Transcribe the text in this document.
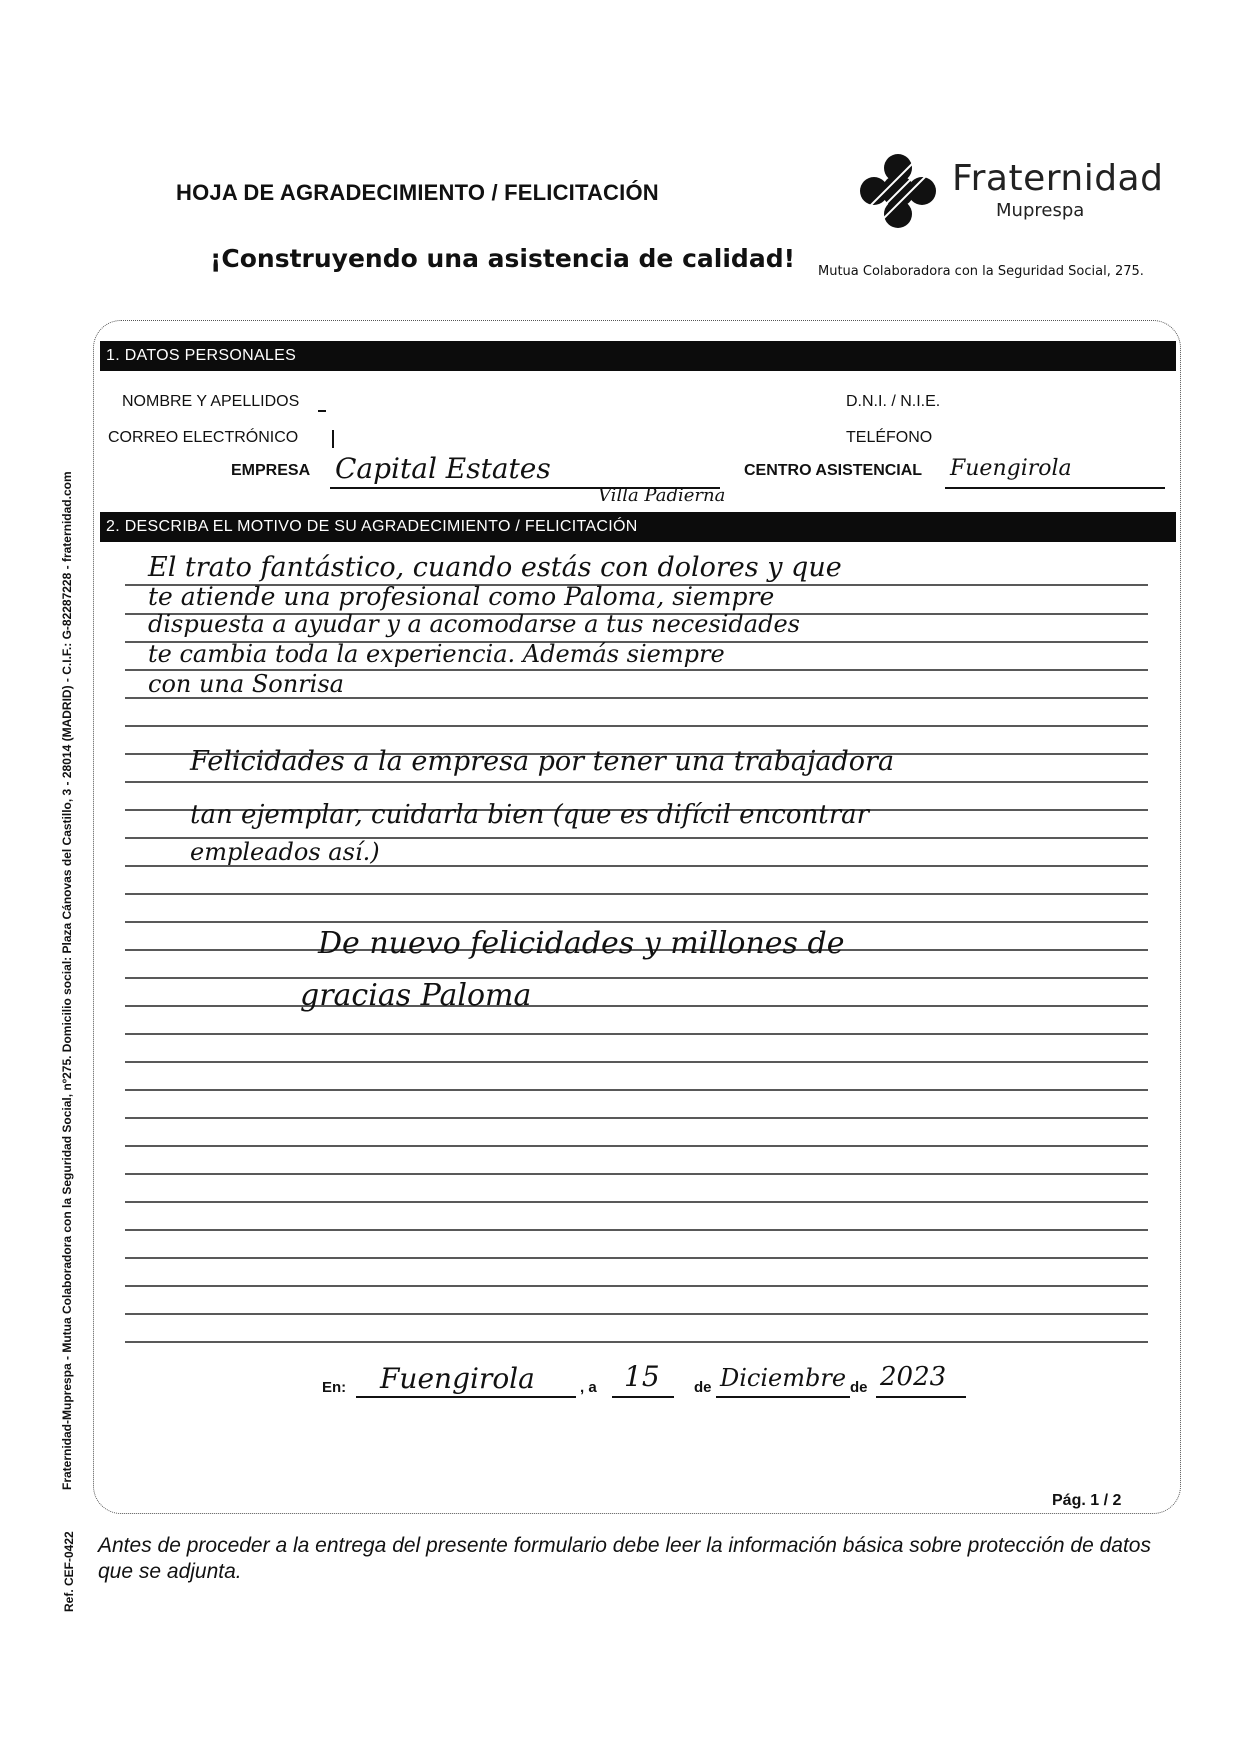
HOJA DE AGRADECIMIENTO / FELICITACIÓN
¡Construyendo una asistencia de calidad!
Fraternidad
Muprespa
Mutua Colaboradora con la Seguridad Social, 275.
1. DATOS PERSONALES
NOMBRE Y APELLIDOS	D.N.I. / N.I.E.
CORREO ELECTRÓNICO	TELÉFONO
EMPRESA Capital Estates
Villa Padierna
CENTRO ASISTENCIAL Fuengirola
2. DESCRIBA EL MOTIVO DE SU AGRADECIMIENTO / FELICITACIÓN
El trato fantástico, cuando estás con dolores y que
te atiende una profesional como Paloma, siempre
dispuesta a ayudar y a acomodarse a tus necesidades
te cambia toda la experiencia. Además siempre
con una Sonrisa
Felicidades a la empresa por tener una trabajadora
tan ejemplar, cuidarla bien (que es difícil encontrar
empleados así.)
De nuevo felicidades y millones de
gracias Paloma
En: Fuengirola	, a 15 de Diciembre de 2023
Pág. 1 / 2
Fraternidad-Muprespa - Mutua Colaboradora con la Seguridad Social, nº275. Domicilio social: Plaza Cánovas del Castillo, 3 - 28014 (MADRID) - C.I.F.: G-82287228 - fraternidad.com
Ref. CEF-0422 Antes de proceder a la entrega del presente formulario debe leer la información básica sobre protección de datos que se adjunta.
